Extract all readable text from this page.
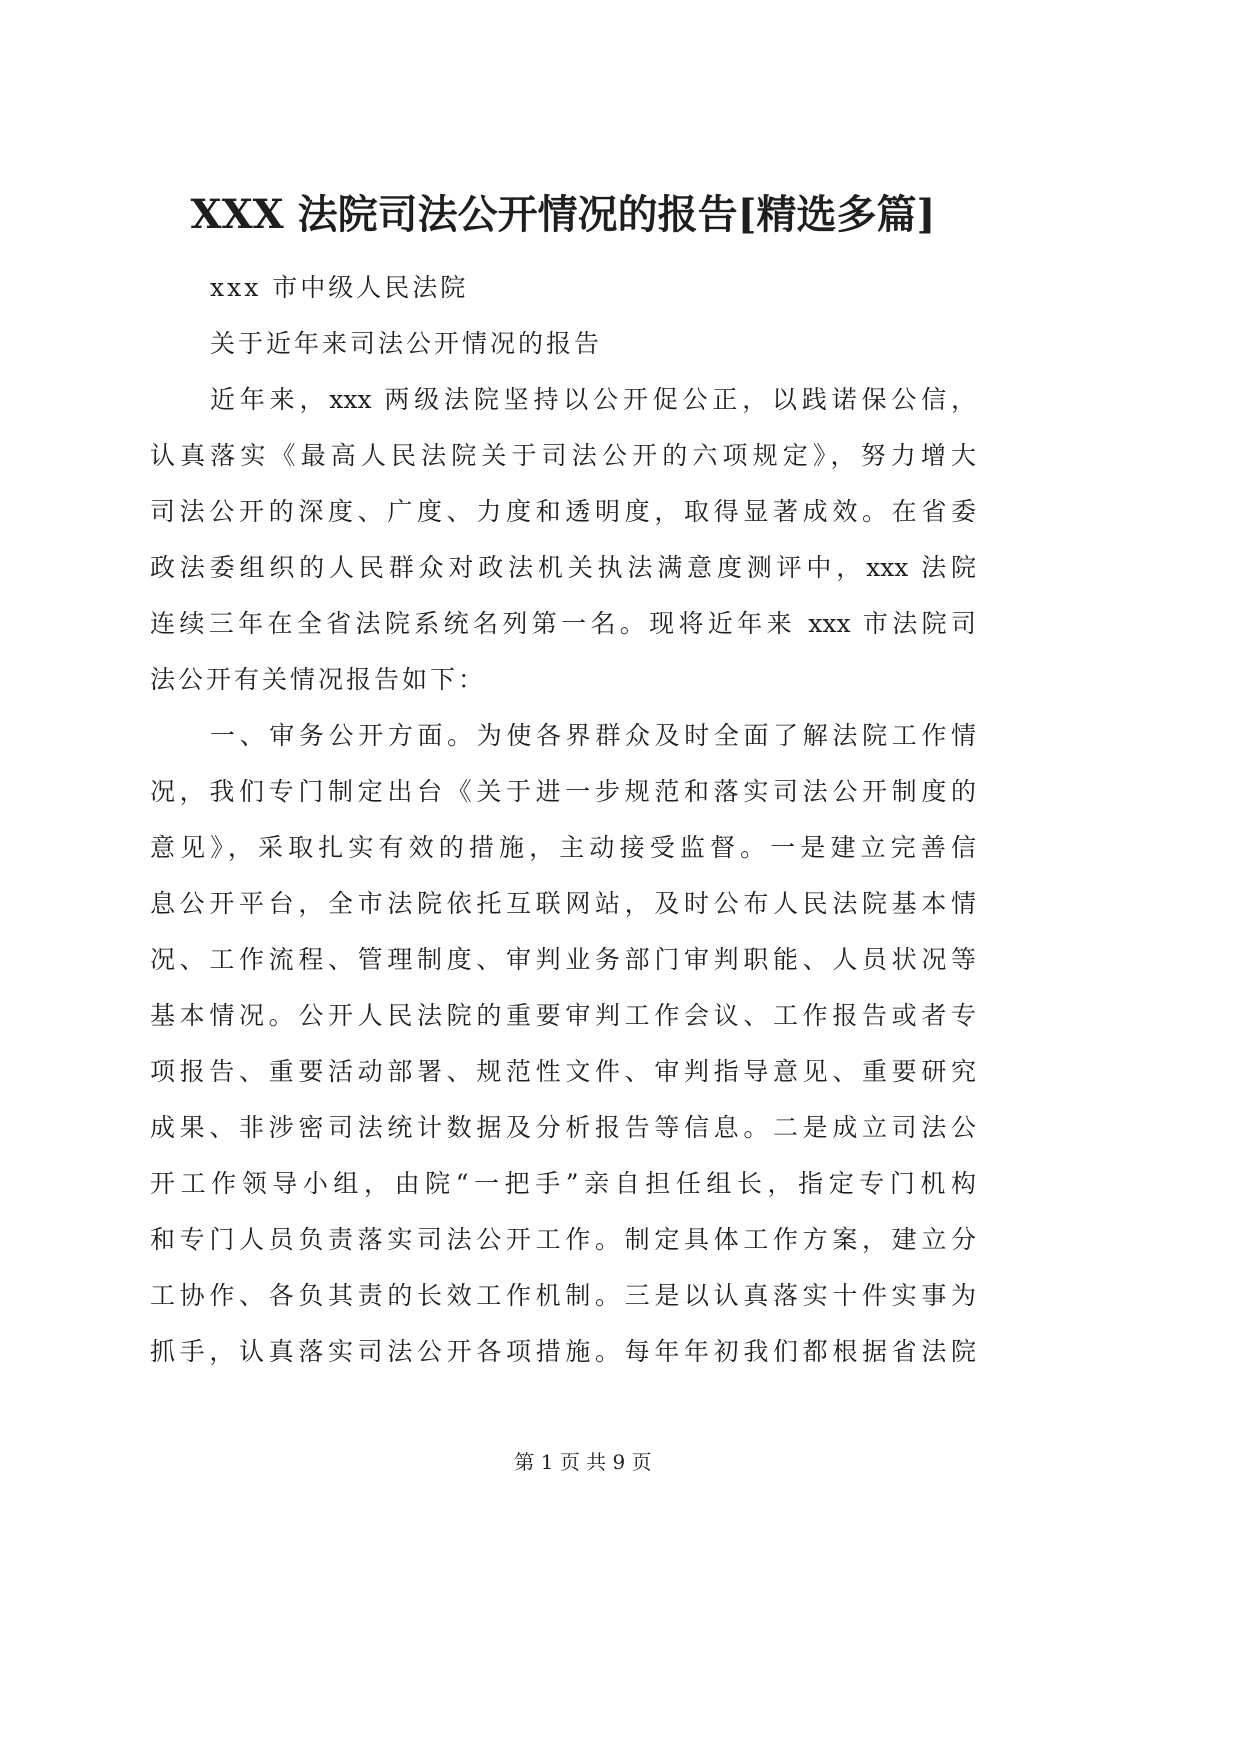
XXX 法院司法公开情况的报告[精选多篇]
xxx 市中级人民法院
关于近年来司法公开情况的报告
近年来，xxx 两级法院坚持以公开促公正，以践诺保公信，
认真落实《最高人民法院关于司法公开的六项规定》，努力增大
司法公开的深度、广度、力度和透明度，取得显著成效。在省委
政法委组织的人民群众对政法机关执法满意度测评中，xxx 法院
连续三年在全省法院系统名列第一名。现将近年来 xxx 市法院司
法公开有关情况报告如下：
一、审务公开方面。为使各界群众及时全面了解法院工作情
况，我们专门制定出台《关于进一步规范和落实司法公开制度的
意见》，采取扎实有效的措施，主动接受监督。一是建立完善信
息公开平台，全市法院依托互联网站，及时公布人民法院基本情
况、工作流程、管理制度、审判业务部门审判职能、人员状况等
基本情况。公开人民法院的重要审判工作会议、工作报告或者专
项报告、重要活动部署、规范性文件、审判指导意见、重要研究
成果、非涉密司法统计数据及分析报告等信息。二是成立司法公
开工作领导小组，由院“一把手”亲自担任组长，指定专门机构
和专门人员负责落实司法公开工作。制定具体工作方案，建立分
工协作、各负其责的长效工作机制。三是以认真落实十件实事为
抓手，认真落实司法公开各项措施。每年年初我们都根据省法院
第 1 页 共 9 页
